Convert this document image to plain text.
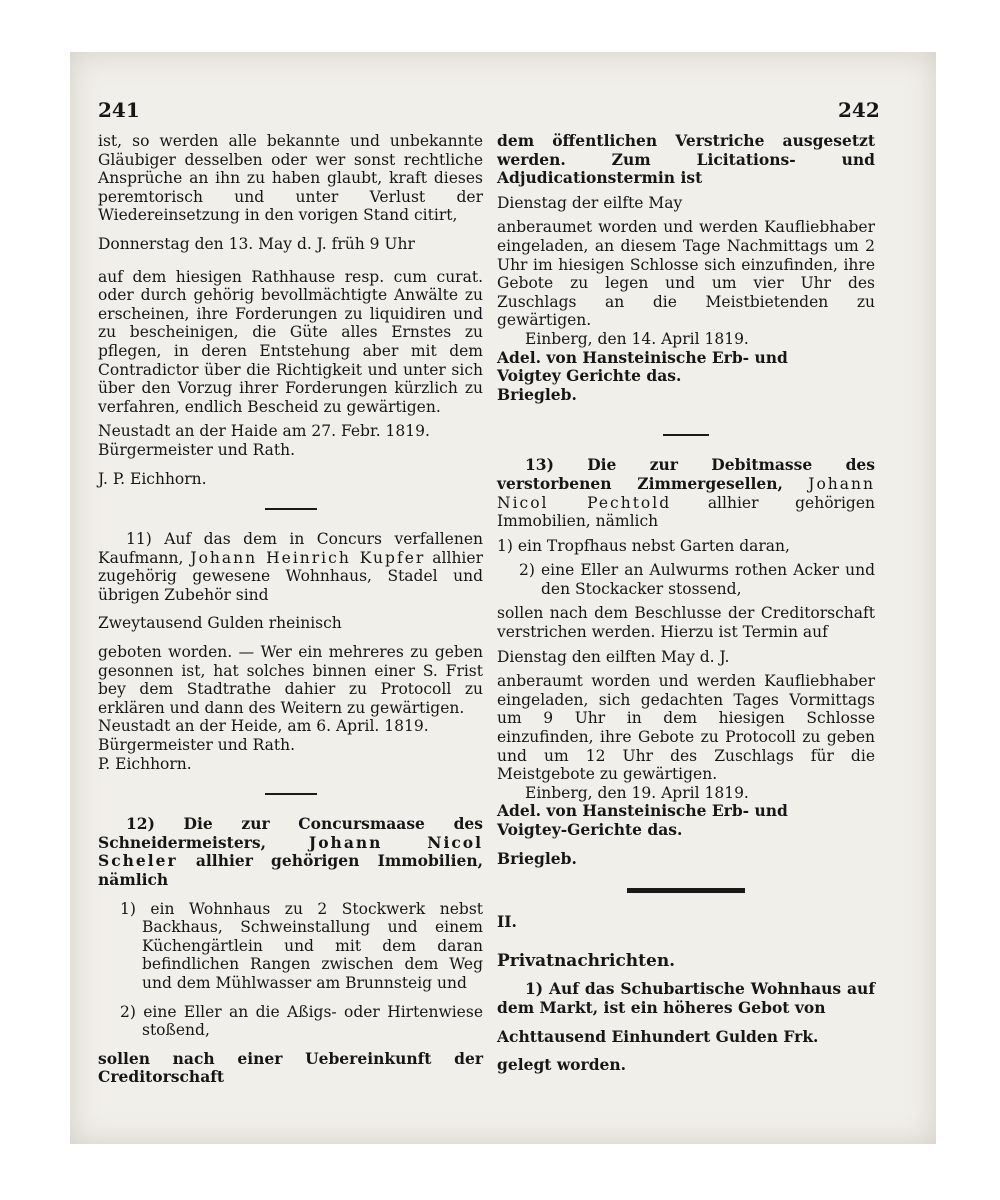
241	242

ist, so werden alle bekannte und unbekannte Gläubiger desselben oder wer sonst rechtliche Ansprüche an ihn zu haben glaubt, kraft dieses peremtorisch und unter Verlust der Wiedereinsetzung in den vorigen Stand citirt,

Donnerstag den 13. May d. J. früh 9 Uhr

auf dem hiesigen Rathhause resp. cum curat. oder durch gehörig bevollmächtigte Anwälte zu erscheinen, ihre Forderungen zu liquidiren und zu bescheinigen, die Güte alles Ernstes zu pflegen, in deren Entstehung aber mit dem Contradictor über die Richtigkeit und unter sich über den Vorzug ihrer Forderungen kürzlich zu verfahren, endlich Bescheid zu gewärtigen.

Neustadt an der Haide am 27. Febr. 1819.

Bürgermeister und Rath.

J. P. Eichhorn.

11) Auf das dem in Concurs verfallenen Kaufmann, Johann Heinrich Kupfer allhier zugehörig gewesene Wohnhaus, Stadel und übrigen Zubehör sind

Zweytausend Gulden rheinisch

geboten worden. — Wer ein mehreres zu geben gesonnen ist, hat solches binnen einer S. Frist bey dem Stadtrathe dahier zu Protocoll zu erklären und dann des Weitern zu gewärtigen.

Neustadt an der Heide, am 6. April. 1819.

Bürgermeister und Rath.

P. Eichhorn.

12) Die zur Concursmaase des Schneidermeisters,	Johann Nicol Scheler allhier gehörigen Immobilien, nämlich

1) ein Wohnhaus zu 2 Stockwerk nebst Backhaus, Schweinstallung und einem Küchengärtlein und mit dem daran befindlichen Rangen zwischen dem Weg und dem Mühlwasser am Brunnsteig und

2) eine Eller an die Aßigs- oder Hirtenwiese stoßend,

sollen nach einer Uebereinkunft der Creditorschaft

dem öffentlichen Verstriche ausgesetzt werden. Zum Licitations- und Adjudicationstermin ist

Dienstag der eilfte May

anberaumet worden und werden Kaufliebhaber eingeladen, an diesem Tage Nachmittags um 2 Uhr im hiesigen Schlosse sich einzufinden, ihre Gebote zu legen und um vier Uhr des Zuschlags an die Meistbietenden zu gewärtigen.

Einberg, den 14. April 1819.

Adel. von Hansteinische Erb- und

Voigtey Gerichte das.

Briegleb.

13) Die zur Debitmasse des verstorbenen Zimmergesellen, Johann Nicol Pechtold allhier gehörigen Immobilien, nämlich

1) ein Tropfhaus nebst Garten daran,

2) eine Eller an Aulwurms rothen Acker und den Stockacker stossend,

sollen nach dem Beschlusse der Creditorschaft verstrichen werden. Hierzu ist Termin auf

Dienstag den eilften May d. J.

anberaumt worden und werden Kaufliebhaber eingeladen, sich gedachten Tages Vormittags um 9 Uhr in dem hiesigen Schlosse einzufinden, ihre Gebote zu Protocoll zu geben und um 12 Uhr des Zuschlags für die Meistgebote zu gewärtigen.

Einberg, den 19. April 1819.

Adel. von Hansteinische Erb- und

Voigtey-Gerichte das.

Briegleb.

II.

Privatnachrichten.

1) Auf das Schubartische Wohnhaus auf dem Markt, ist ein höheres Gebot von

Achttausend Einhundert Gulden Frk.

gelegt worden.
